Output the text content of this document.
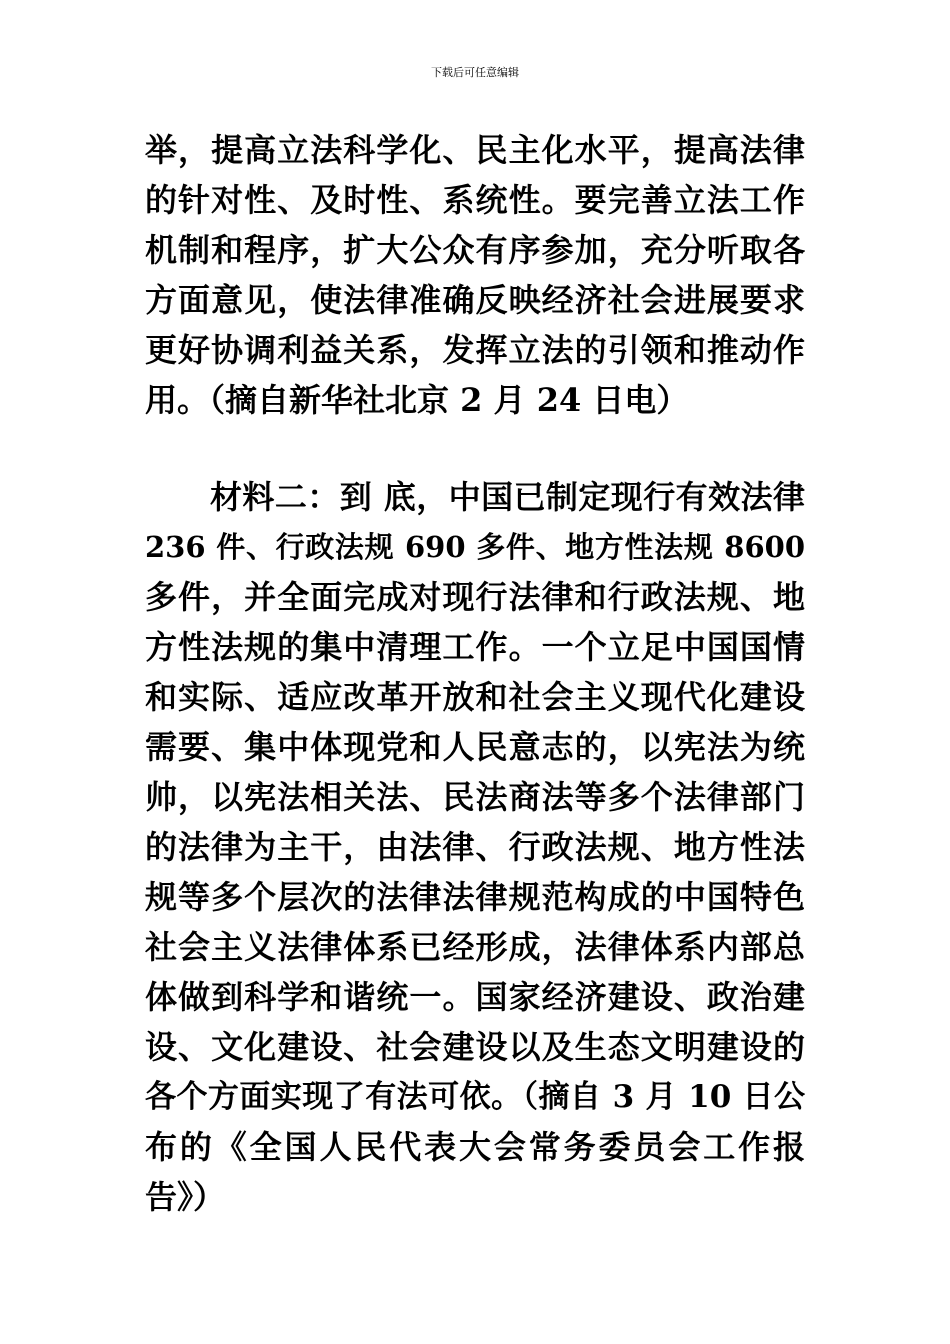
下载后可任意编辑
举，提高立法科学化、民主化水平，提高法律
的针对性、及时性、系统性。要完善立法工作
机制和程序，扩大公众有序参加，充分听取各
方面意见，使法律准确反映经济社会进展要求
更好协调利益关系，发挥立法的引领和推动作
用。（摘自新华社北京 2 月 24 日电）
材料二：到 底，中国已制定现行有效法律
236 件、行政法规 690 多件、地方性法规 8600
多件，并全面完成对现行法律和行政法规、地
方性法规的集中清理工作。一个立足中国国情
和实际、适应改革开放和社会主义现代化建设
需要、集中体现党和人民意志的，以宪法为统
帅，以宪法相关法、民法商法等多个法律部门
的法律为主干，由法律、行政法规、地方性法
规等多个层次的法律法律规范构成的中国特色
社会主义法律体系已经形成，法律体系内部总
体做到科学和谐统一。国家经济建设、政治建
设、文化建设、社会建设以及生态文明建设的
各个方面实现了有法可依。（摘自 3 月 10 日公
布的《全国人民代表大会常务委员会工作报
告》）
